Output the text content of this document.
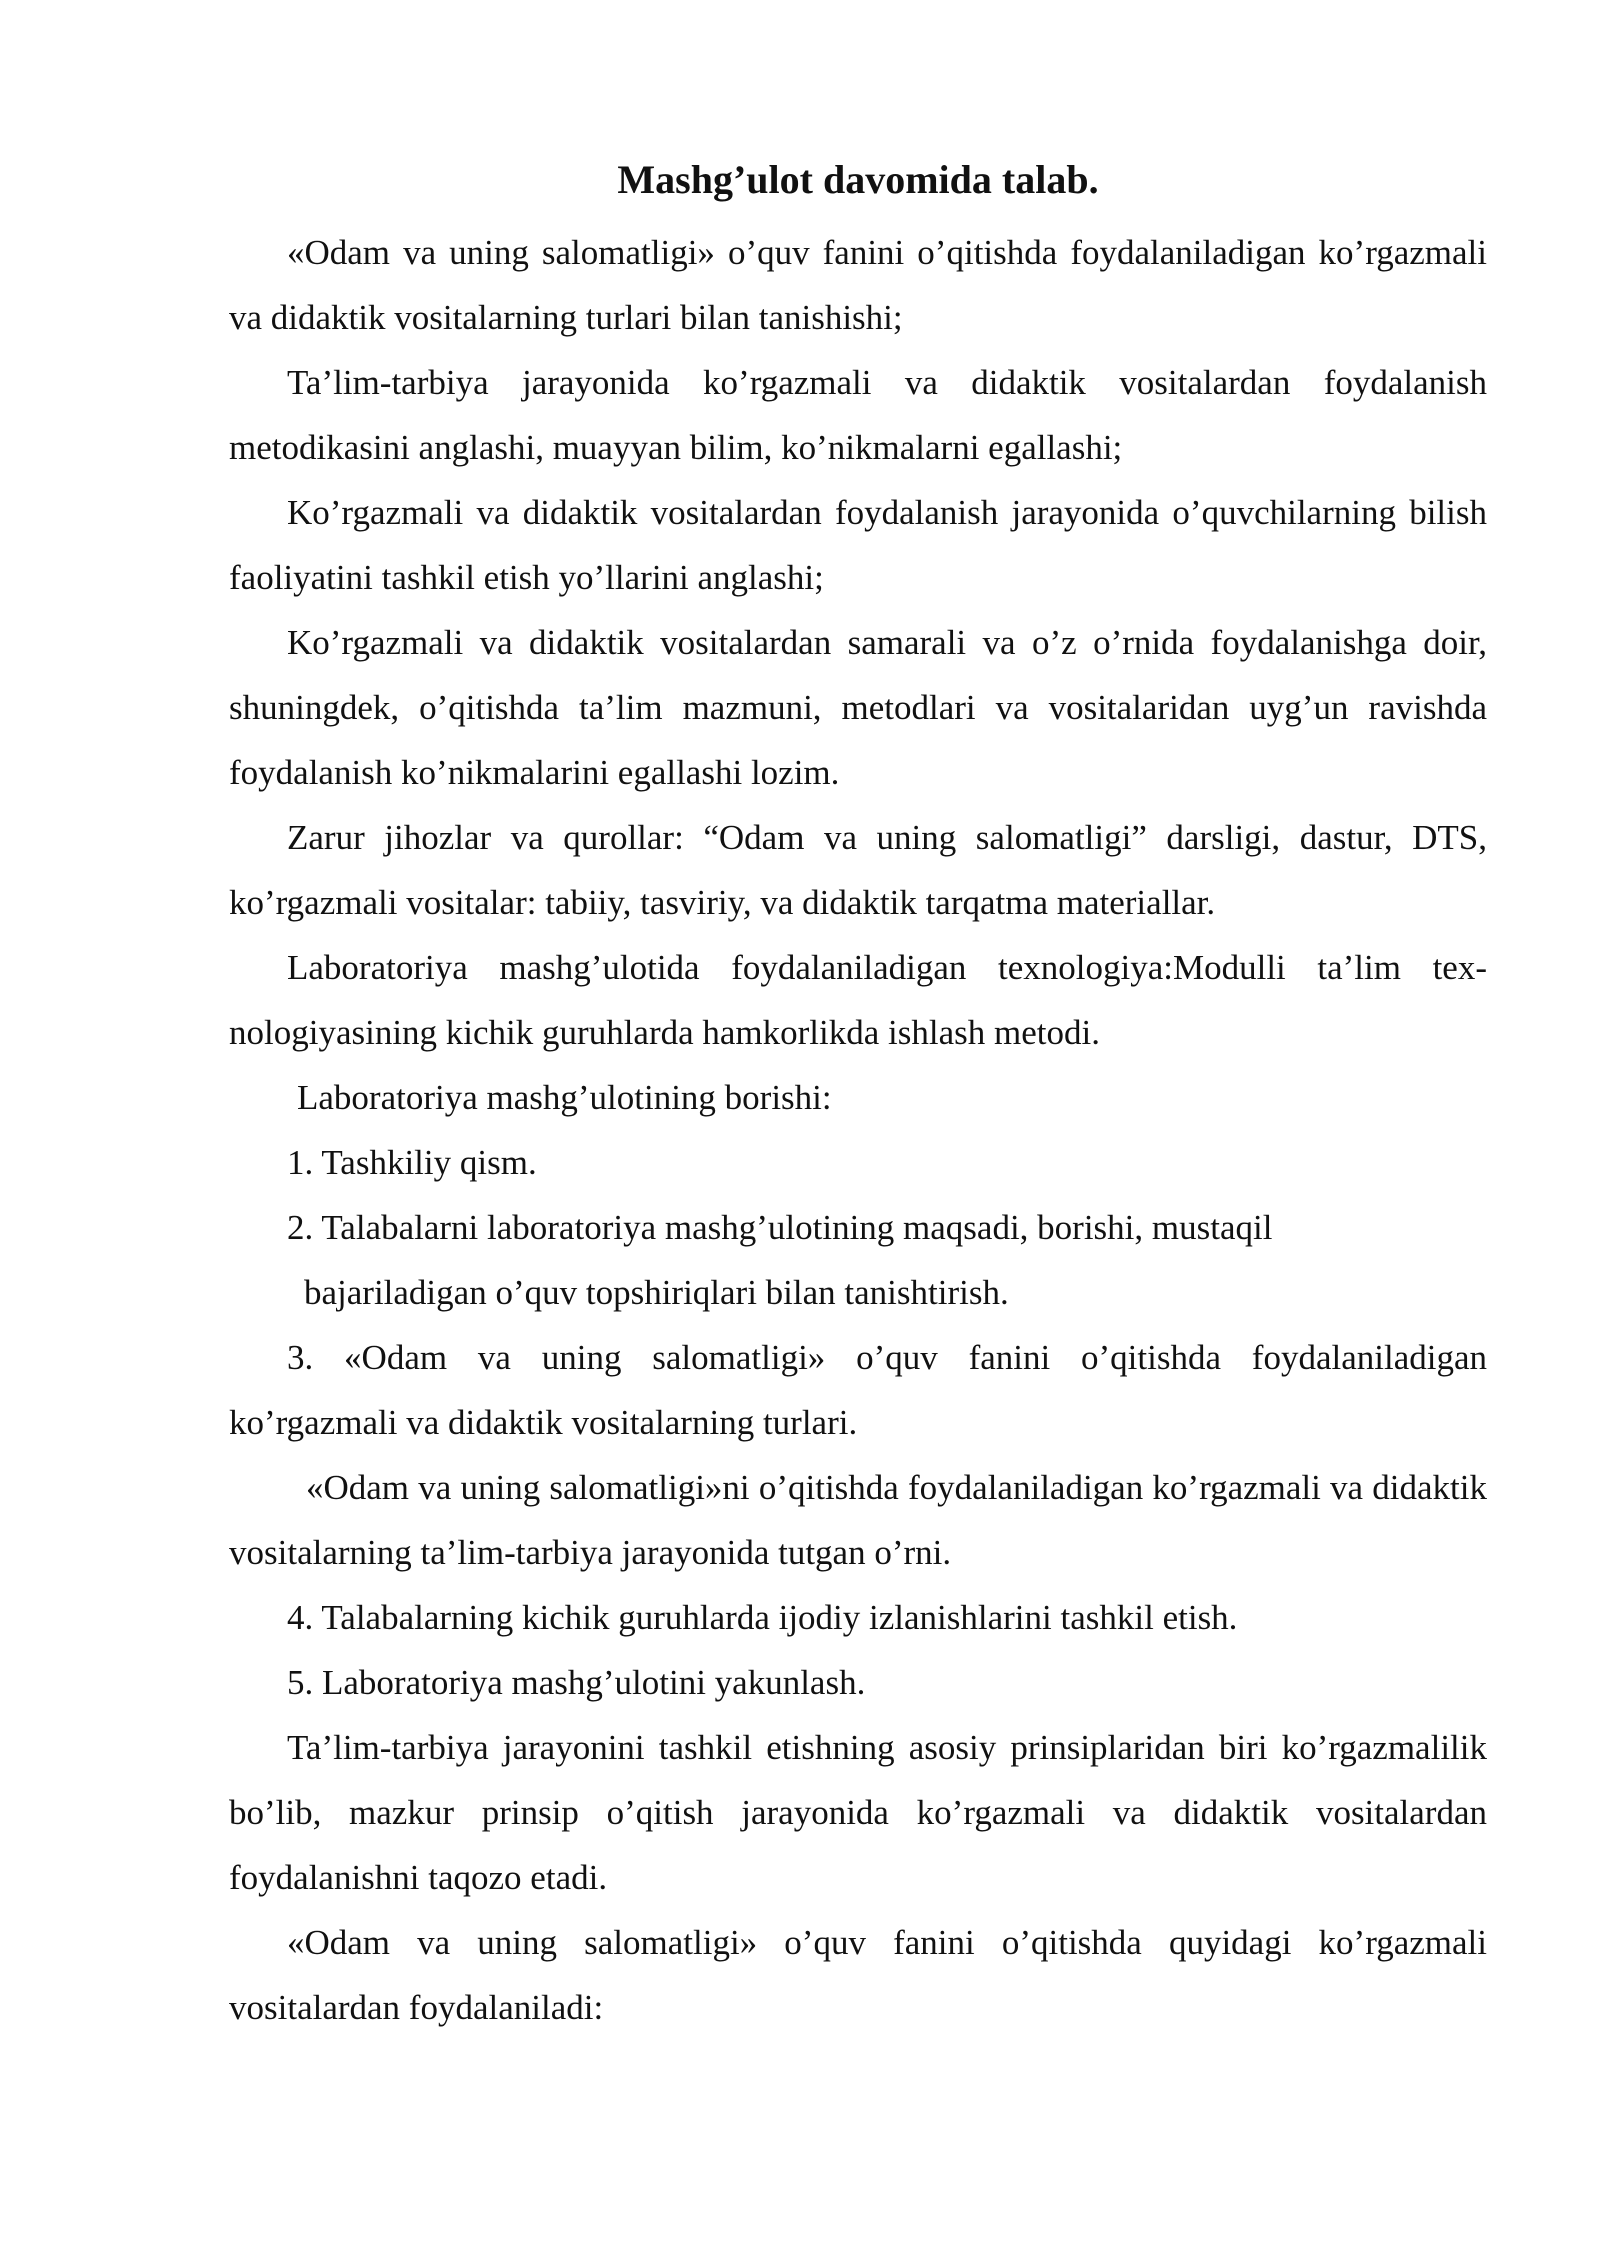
Mashg’ulot davomida talab.

«Odam va uning salomatligi» o’quv fanini o’qitishda foydalaniladigan ko’rgazmali va didaktik vositalarning turlari bilan tanishishi;

Ta’lim-tarbiya jarayonida ko’rgazmali va didaktik vositalardan foydalanish metodikasini anglashi, muayyan bilim, ko’nikmalarni egallashi;

Ko’rgazmali va didaktik vositalardan foydalanish jarayonida o’quvchilarning bilish faoliyatini tashkil etish yo’llarini anglashi;

Ko’rgazmali va didaktik vositalardan samarali va o’z o’rnida foydalanishga doir, shuningdek, o’qitishda ta’lim mazmuni, metodlari va vositalaridan uyg’un ravishda foydalanish ko’nikmalarini egallashi lozim.

Zarur jihozlar va qurollar: “Odam va uning salomatligi” darsligi, dastur, DTS, ko’rgazmali vositalar: tabiiy, tasviriy, va didaktik tarqatma materiallar.

Laboratoriya mashg’ulotida foydalaniladigan texnologiya:Modulli ta’lim tex-nologiyasining kichik guruhlarda hamkorlikda ishlash metodi.

Laboratoriya mashg’ulotining borishi:

1. Tashkiliy qism.

2. Talabalarni laboratoriya mashg’ulotining maqsadi, borishi, mustaqil
bajariladigan o’quv topshiriqlari bilan tanishtirish.

3. «Odam va uning salomatligi» o’quv fanini o’qitishda foydalaniladigan ko’rgazmali va didaktik vositalarning turlari.

«Odam va uning salomatligi»ni o’qitishda foydalaniladigan ko’rgazmali va didaktik vositalarning ta’lim-tarbiya jarayonida tutgan o’rni.

4. Talabalarning kichik guruhlarda ijodiy izlanishlarini tashkil etish.

5. Laboratoriya mashg’ulotini yakunlash.

Ta’lim-tarbiya jarayonini tashkil etishning asosiy prinsiplaridan biri ko’rgazmalilik bo’lib, mazkur prinsip o’qitish jarayonida ko’rgazmali va didaktik vositalardan foydalanishni taqozo etadi.

«Odam va uning salomatligi» o’quv fanini o’qitishda quyidagi ko’rgazmali vositalardan foydalaniladi:
